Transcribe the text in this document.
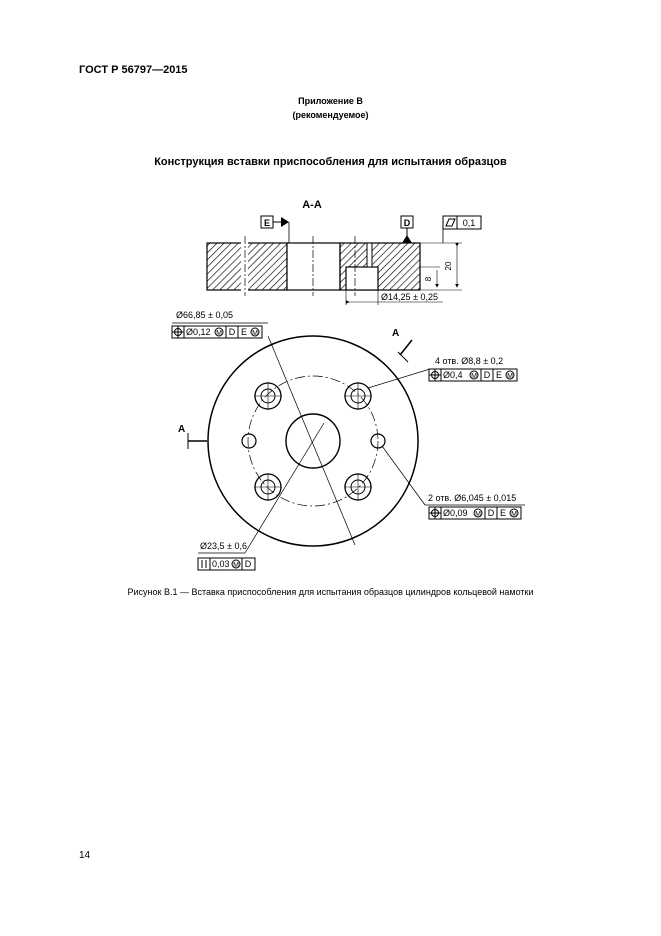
ГОСТ Р 56797—2015
Приложение В
(рекомендуемое)
Конструкция вставки приспособления для испытания образцов
А-А
E	D	0,1
20
8
Ø14,25 ± 0,25
А
А
Ø66,85 ± 0,05
Ø0,12 M D E M
4 отв. Ø8,8 ± 0,2
Ø0,4 M D E M
2 отв. Ø6,045 ± 0,015
Ø0,09 M D E M
Ø23,5 ± 0,6
0,03 M D
Рисунок В.1 — Вставка приспособления для испытания образцов цилиндров кольцевой намотки
14
